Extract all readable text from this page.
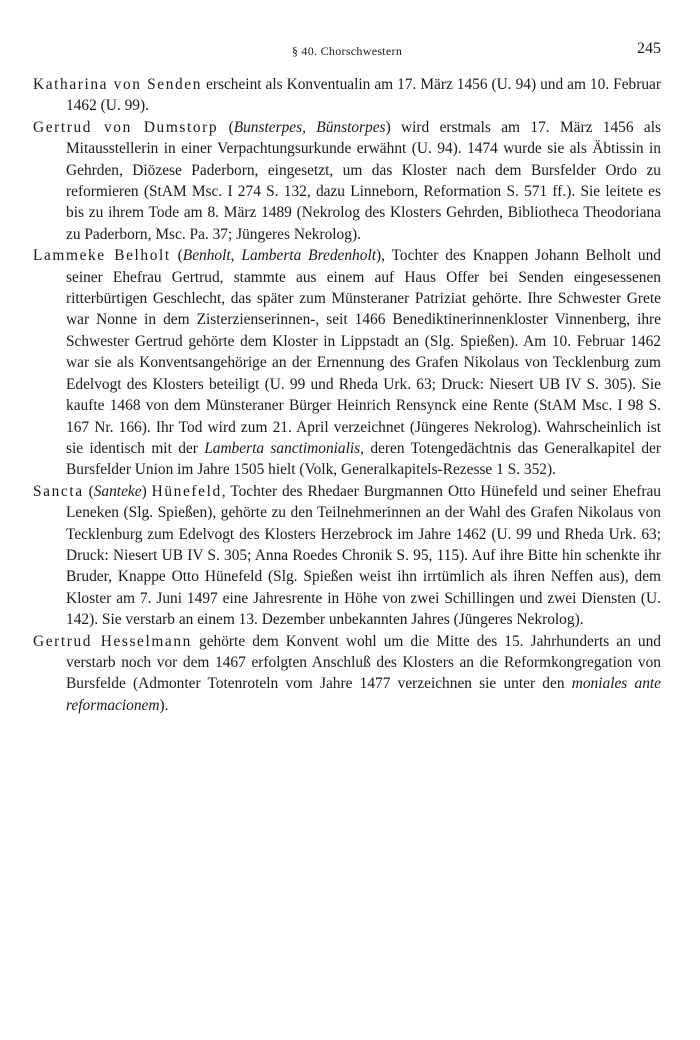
§ 40. Chorschwestern	245

Katharina von Senden erscheint als Konventualin am 17. März 1456 (U. 94) und am 10. Februar 1462 (U. 99).

Gertrud von Dumstorp (Bunsterpes, Bünstorpes) wird erstmals am 17. März 1456 als Mitausstellerin in einer Verpachtungsurkunde erwähnt (U. 94). 1474 wurde sie als Äbtissin in Gehrden, Diözese Paderborn, eingesetzt, um das Kloster nach dem Bursfelder Ordo zu reformieren (StAM Msc. I 274 S. 132, dazu Linneborn, Reformation S. 571 ff.). Sie leitete es bis zu ihrem Tode am 8. März 1489 (Nekrolog des Klosters Gehrden, Bibliotheca Theodoriana zu Paderborn, Msc. Pa. 37; Jüngeres Nekrolog).

Lammeke Belholt (Benholt, Lamberta Bredenholt), Tochter des Knappen Johann Belholt und seiner Ehefrau Gertrud, stammte aus einem auf Haus Offer bei Senden eingesessenen ritterbürtigen Geschlecht, das später zum Münsteraner Patriziat gehörte. Ihre Schwester Grete war Nonne in dem Zisterzienserinnen-, seit 1466 Benediktinerinnenkloster Vinnenberg, ihre Schwester Gertrud gehörte dem Kloster in Lippstadt an (Slg. Spießen). Am 10. Februar 1462 war sie als Konventsangehörige an der Ernennung des Grafen Nikolaus von Tecklenburg zum Edelvogt des Klosters beteiligt (U. 99 und Rheda Urk. 63; Druck: Niesert UB IV S. 305). Sie kaufte 1468 von dem Münsteraner Bürger Heinrich Rensynck eine Rente (StAM Msc. I 98 S. 167 Nr. 166). Ihr Tod wird zum 21. April verzeichnet (Jüngeres Nekrolog). Wahrscheinlich ist sie identisch mit der Lamberta sanctimonialis, deren Totengedächtnis das Generalkapitel der Bursfelder Union im Jahre 1505 hielt (Volk, Generalkapitels-Rezesse 1 S. 352).

Sancta (Santeke) Hünefeld, Tochter des Rhedaer Burgmannen Otto Hünefeld und seiner Ehefrau Leneken (Slg. Spießen), gehörte zu den Teilnehmerinnen an der Wahl des Grafen Nikolaus von Tecklenburg zum Edelvogt des Klosters Herzebrock im Jahre 1462 (U. 99 und Rheda Urk. 63; Druck: Niesert UB IV S. 305; Anna Roedes Chronik S. 95, 115). Auf ihre Bitte hin schenkte ihr Bruder, Knappe Otto Hünefeld (Slg. Spießen weist ihn irrtümlich als ihren Neffen aus), dem Kloster am 7. Juni 1497 eine Jahresrente in Höhe von zwei Schillingen und zwei Diensten (U. 142). Sie verstarb an einem 13. Dezember unbekannten Jahres (Jüngeres Nekrolog).

Gertrud Hesselmann gehörte dem Konvent wohl um die Mitte des 15. Jahrhunderts an und verstarb noch vor dem 1467 erfolgten Anschluß des Klosters an die Reformkongregation von Bursfelde (Admonter Totenroteln vom Jahre 1477 verzeichnen sie unter den moniales ante reformacionem).
